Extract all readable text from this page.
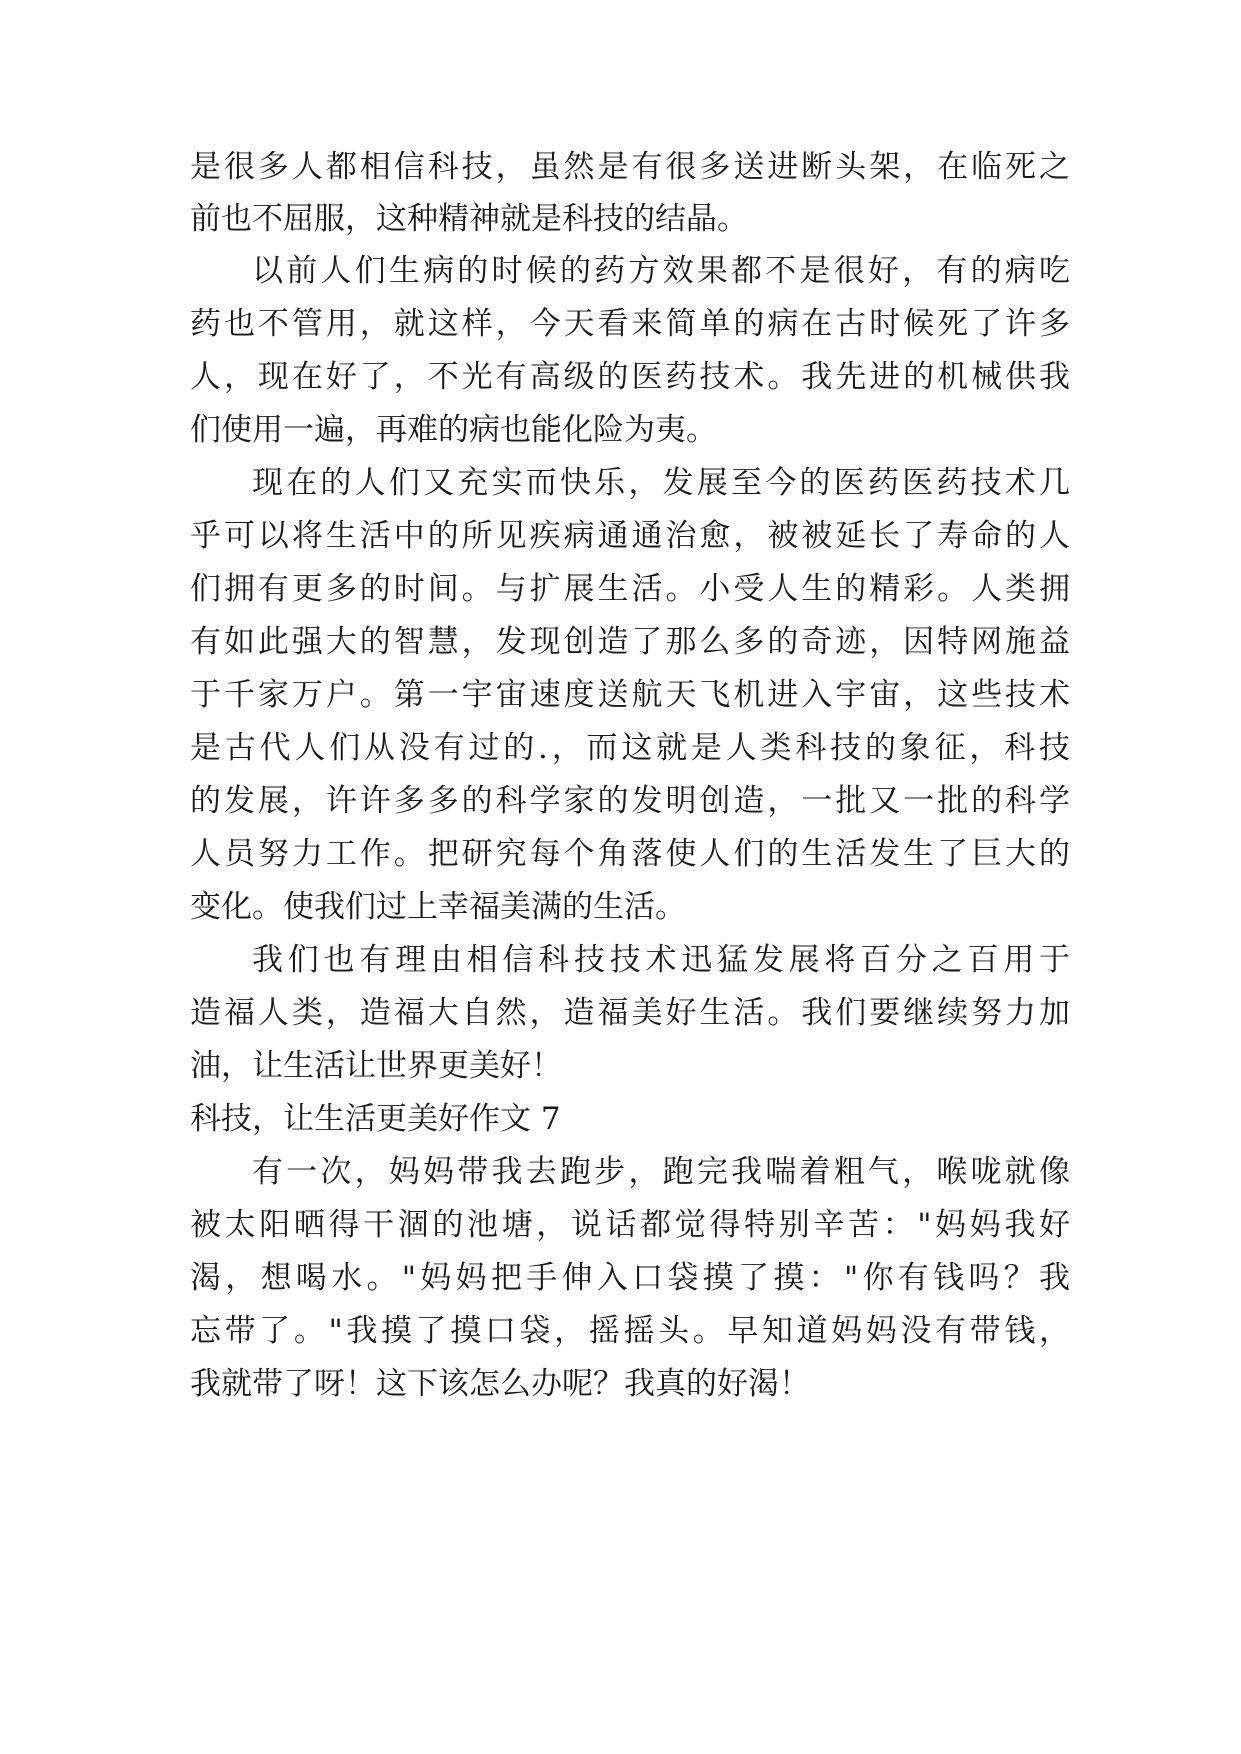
是很多人都相信科技，虽然是有很多送进断头架，在临死之
前也不屈服，这种精神就是科技的结晶。
以前人们生病的时候的药方效果都不是很好，有的病吃
药也不管用，就这样，今天看来简单的病在古时候死了许多
人，现在好了，不光有高级的医药技术。我先进的机械供我
们使用一遍，再难的病也能化险为夷。
现在的人们又充实而快乐，发展至今的医药医药技术几
乎可以将生活中的所见疾病通通治愈，被被延长了寿命的人
们拥有更多的时间。与扩展生活。小受人生的精彩。人类拥
有如此强大的智慧，发现创造了那么多的奇迹，因特网施益
于千家万户。第一宇宙速度送航天飞机进入宇宙，这些技术
是古代人们从没有过的.，而这就是人类科技的象征，科技
的发展，许许多多的科学家的发明创造，一批又一批的科学
人员努力工作。把研究每个角落使人们的生活发生了巨大的
变化。使我们过上幸福美满的生活。
我们也有理由相信科技技术迅猛发展将百分之百用于
造福人类，造福大自然，造福美好生活。我们要继续努力加
油，让生活让世界更美好！
科技，让生活更美好作文 7
有一次，妈妈带我去跑步，跑完我喘着粗气，喉咙就像
被太阳晒得干涸的池塘，说话都觉得特别辛苦："妈妈我好
渴，想喝水。"妈妈把手伸入口袋摸了摸："你有钱吗？我
忘带了。"我摸了摸口袋，摇摇头。早知道妈妈没有带钱，
我就带了呀！这下该怎么办呢？我真的好渴！
